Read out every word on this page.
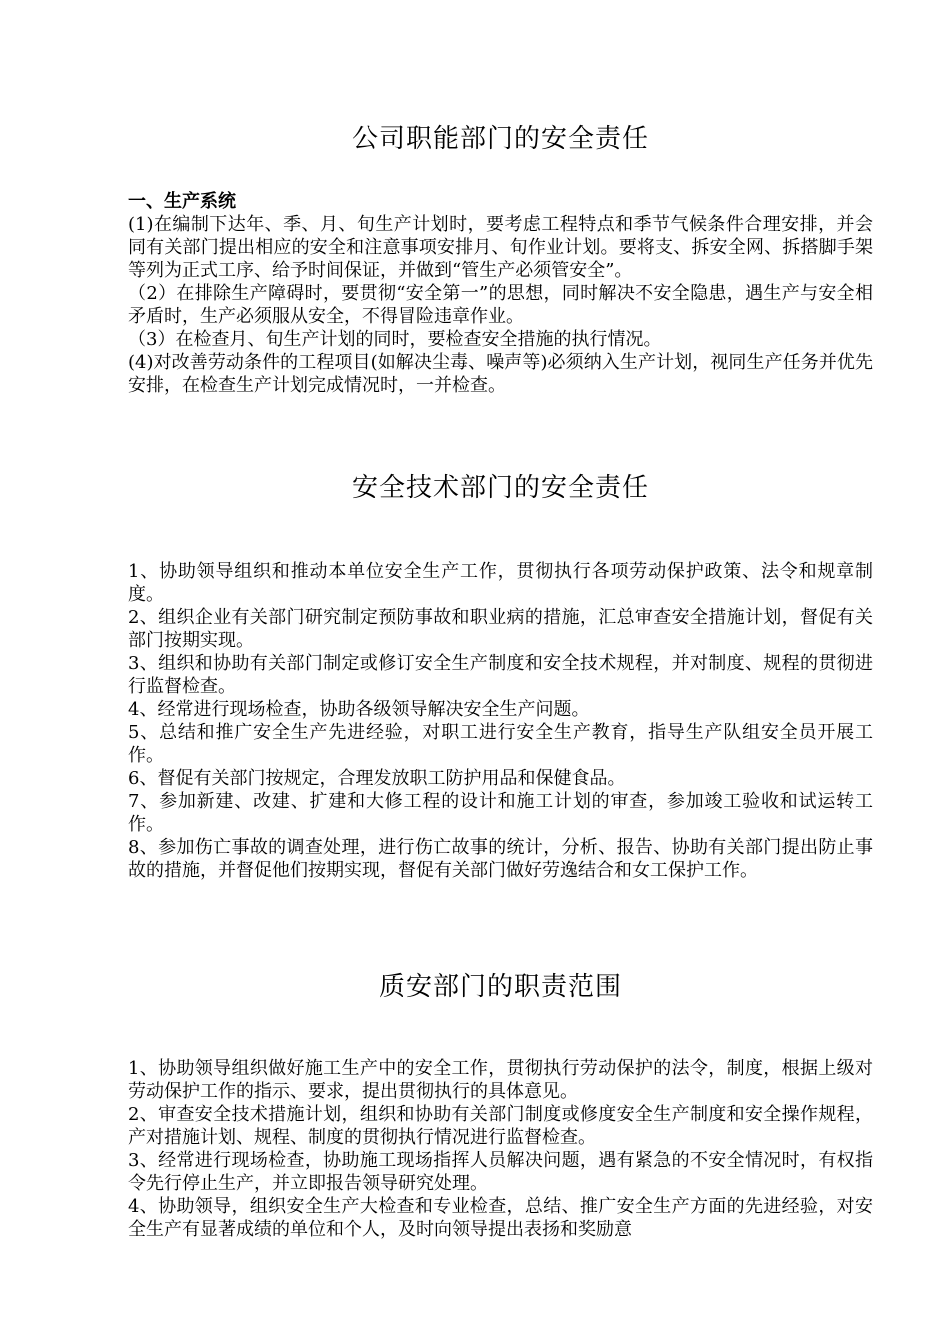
公司职能部门的安全责任

一、生产系统

(1)在编制下达年、季、月、旬生产计划时，要考虑工程特点和季节气候条件合理安排，并会同有关部门提出相应的安全和注意事项安排月、旬作业计划。要将支、拆安全网、拆搭脚手架等列为正式工序、给予时间保证，并做到“管生产必须管安全”。

（2）在排除生产障碍时，要贯彻“安全第一”的思想，同时解决不安全隐患，遇生产与安全相矛盾时，生产必须服从安全，不得冒险违章作业。

（3）在检查月、旬生产计划的同时，要检查安全措施的执行情况。

(4)对改善劳动条件的工程项目(如解决尘毒、噪声等)必须纳入生产计划，视同生产任务并优先安排，在检查生产计划完成情况时，一并检查。

安全技术部门的安全责任

1、协助领导组织和推动本单位安全生产工作，贯彻执行各项劳动保护政策、法令和规章制度。

2、组织企业有关部门研究制定预防事故和职业病的措施，汇总审查安全措施计划，督促有关部门按期实现。

3、组织和协助有关部门制定或修订安全生产制度和安全技术规程，并对制度、规程的贯彻进行监督检查。

4、经常进行现场检查，协助各级领导解决安全生产问题。

5、总结和推广安全生产先进经验，对职工进行安全生产教育，指导生产队组安全员开展工作。

6、督促有关部门按规定，合理发放职工防护用品和保健食品。

7、参加新建、改建、扩建和大修工程的设计和施工计划的审查，参加竣工验收和试运转工作。

8、参加伤亡事故的调查处理，进行伤亡故事的统计，分析、报告、协助有关部门提出防止事故的措施，并督促他们按期实现，督促有关部门做好劳逸结合和女工保护工作。

质安部门的职责范围

1、协助领导组织做好施工生产中的安全工作，贯彻执行劳动保护的法令，制度，根据上级对劳动保护工作的指示、要求，提出贯彻执行的具体意见。

2、审查安全技术措施计划，组织和协助有关部门制度或修度安全生产制度和安全操作规程，产对措施计划、规程、制度的贯彻执行情况进行监督检查。

3、经常进行现场检查，协助施工现场指挥人员解决问题，遇有紧急的不安全情况时，有权指令先行停止生产，并立即报告领导研究处理。

4、协助领导，组织安全生产大检查和专业检查，总结、推广安全生产方面的先进经验，对安全生产有显著成绩的单位和个人，及时向领导提出表扬和奖励意
